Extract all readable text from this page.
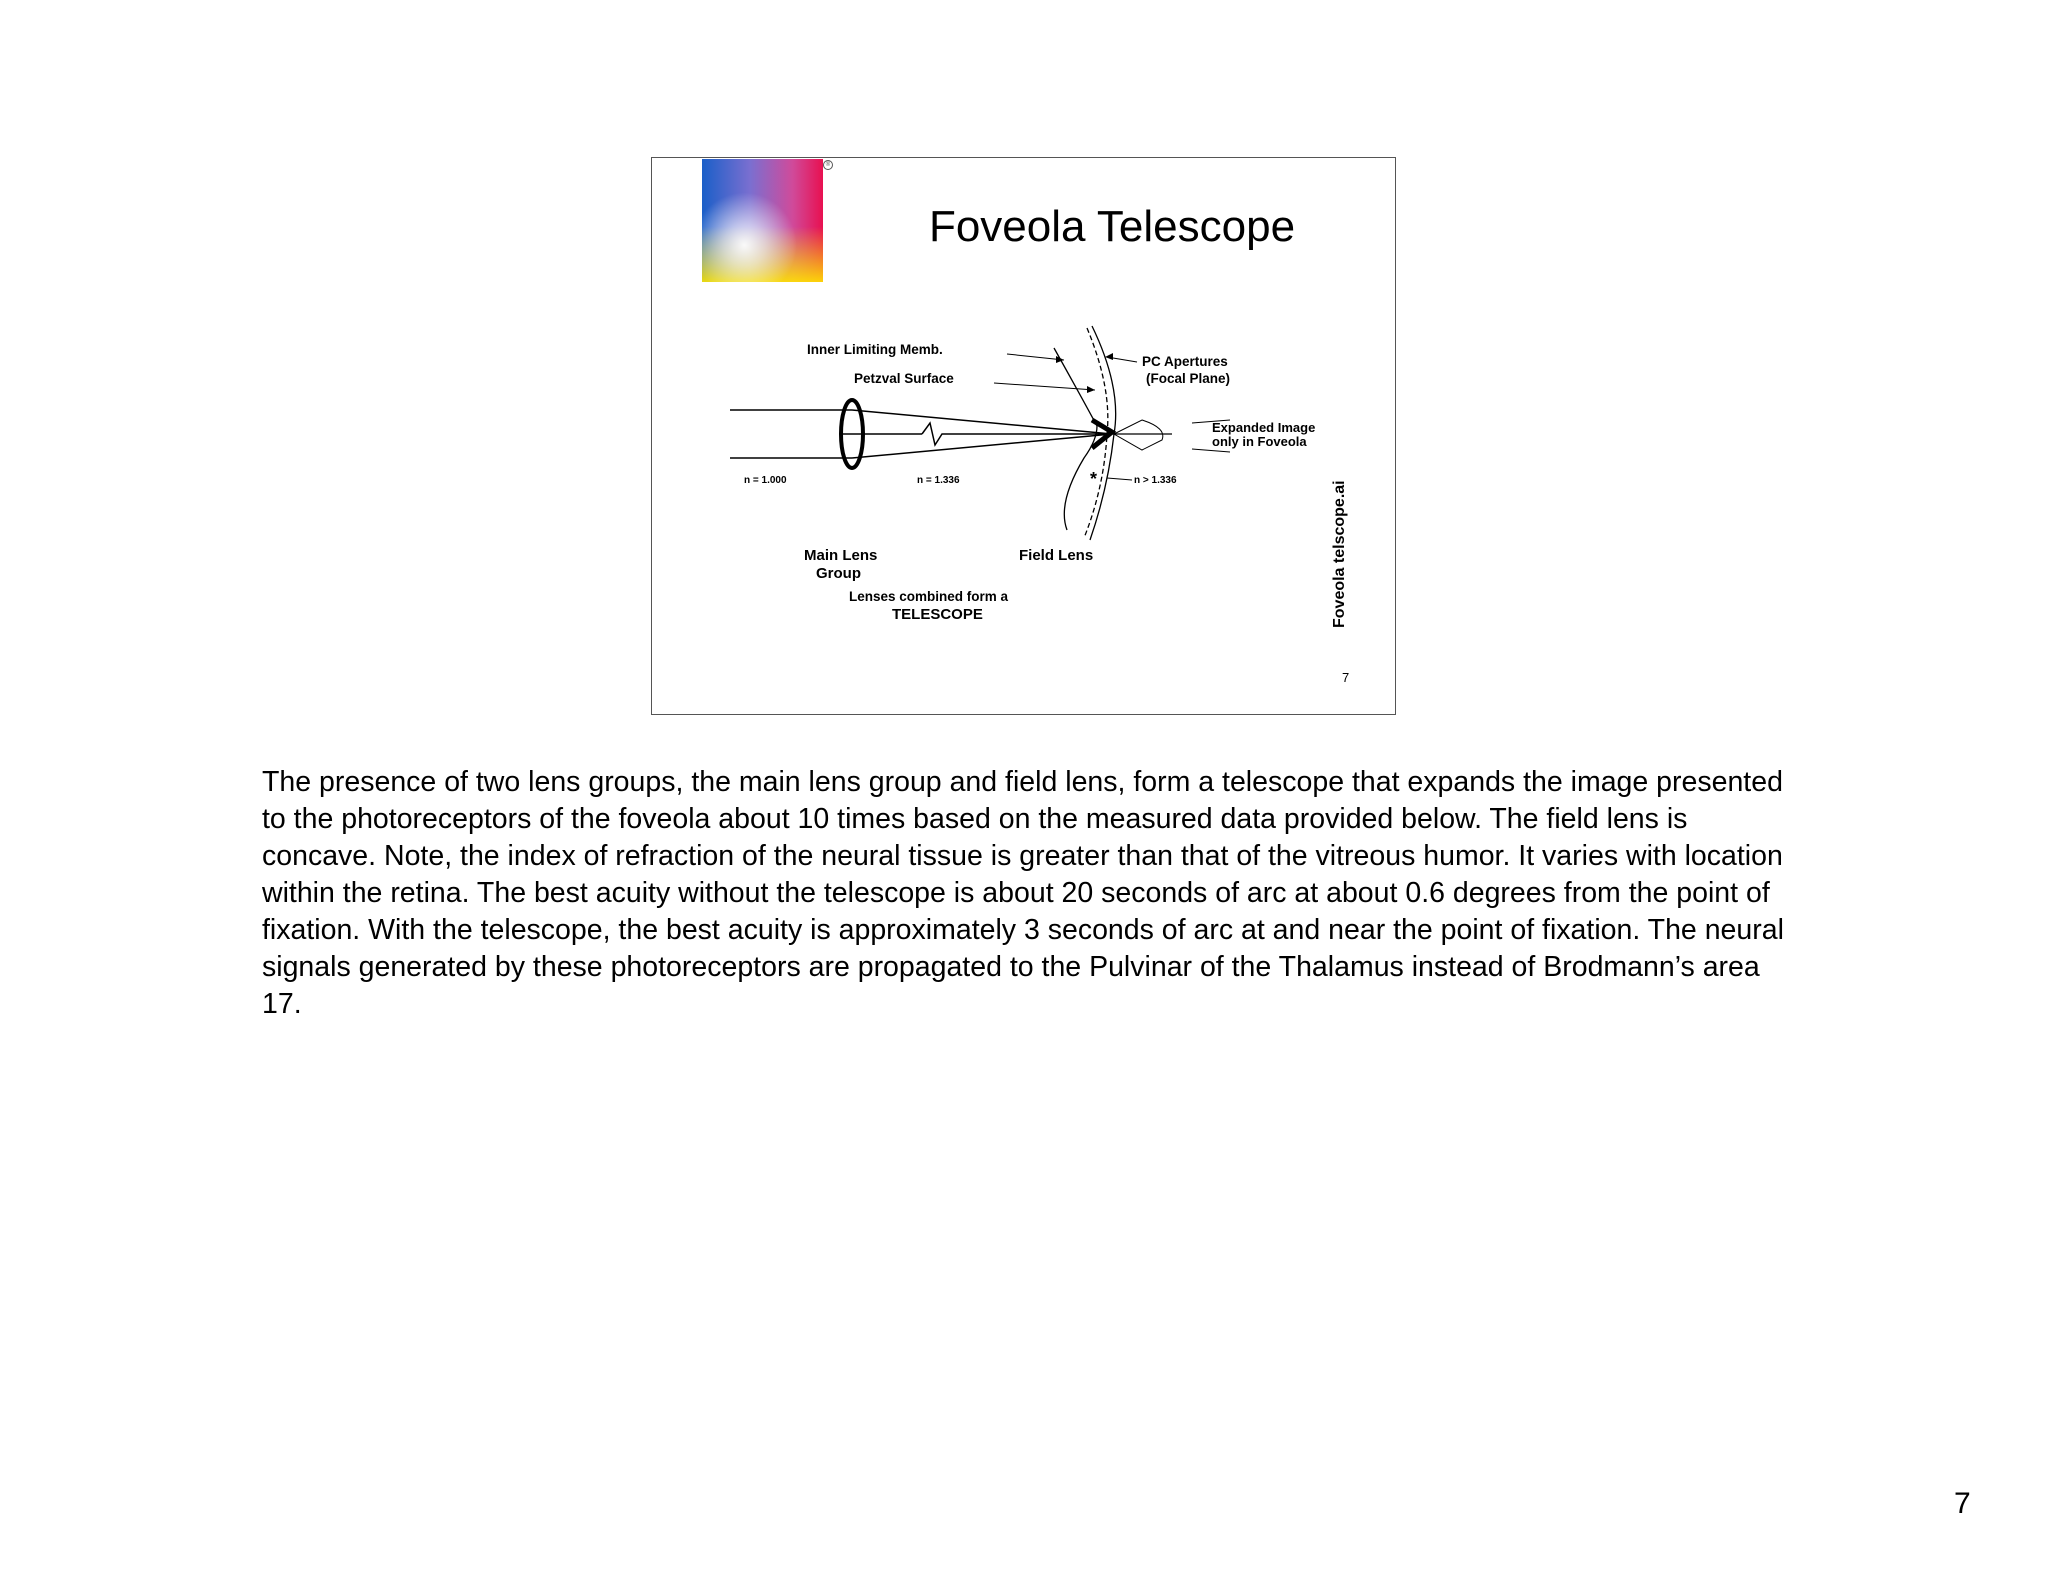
®
Foveola Telescope
*
Inner Limiting Memb.
Petzval Surface
PC Apertures
(Focal Plane)
Expanded Image
only in Foveola
n = 1.000	n = 1.336	n > 1.336
Main Lens
Group
Field Lens
Lenses combined form a
TELESCOPE	Foveola telscope.ai
7

The presence of two lens groups, the main lens group and field lens, form a telescope that expands the image presented to the photoreceptors of the foveola about 10 times based on the measured data provided below. The field lens is concave. Note, the index of refraction of the neural tissue is greater than that of the vitreous humor. It varies with location within the retina. The best acuity without the telescope is about 20 seconds of arc at about 0.6 degrees from the point of fixation. With the telescope, the best acuity is approximately 3 seconds of arc at and near the point of fixation. The neural signals generated by these photoreceptors are propagated to the Pulvinar of the Thalamus instead of Brodmann’s area 17.

7
